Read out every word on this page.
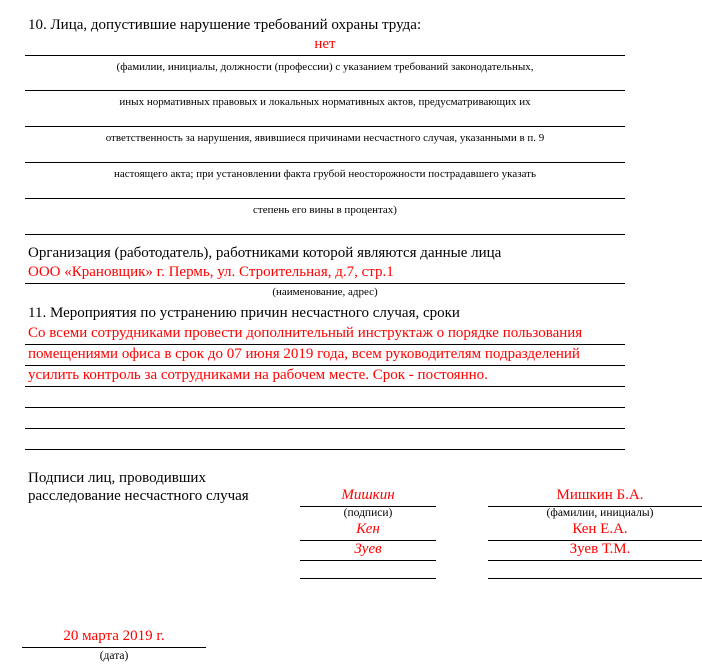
10. Лица, допустившие нарушение требований охраны труда:
нет
(фамилии, инициалы, должности (профессии) с указанием требований законодательных,
иных нормативных правовых и локальных нормативных актов, предусматривающих их
ответственность за нарушения, явившиеся причинами несчастного случая, указанными в п. 9
настоящего акта; при установлении факта грубой неосторожности пострадавшего указать
степень его вины в процентах)
Организация (работодатель), работниками которой являются данные лица
ООО «Крановщик» г. Пермь, ул. Строительная, д.7, стр.1
(наименование, адрес)
11. Мероприятия по устранению причин несчастного случая, сроки
Со всеми сотрудниками провести дополнительный инструктаж о порядке пользования
помещениями офиса в срок до 07 июня 2019 года, всем руководителям подразделений
усилить контроль за сотрудниками на рабочем месте. Срок - постоянно.
Подписи лиц, проводивших
расследование несчастного случая	Мишкин	Мишкин Б.А.
(подписи)	(фамилии, инициалы)
Кен	Кен Е.А.
Зуев	Зуев Т.М.
20 марта 2019 г.
(дата)
